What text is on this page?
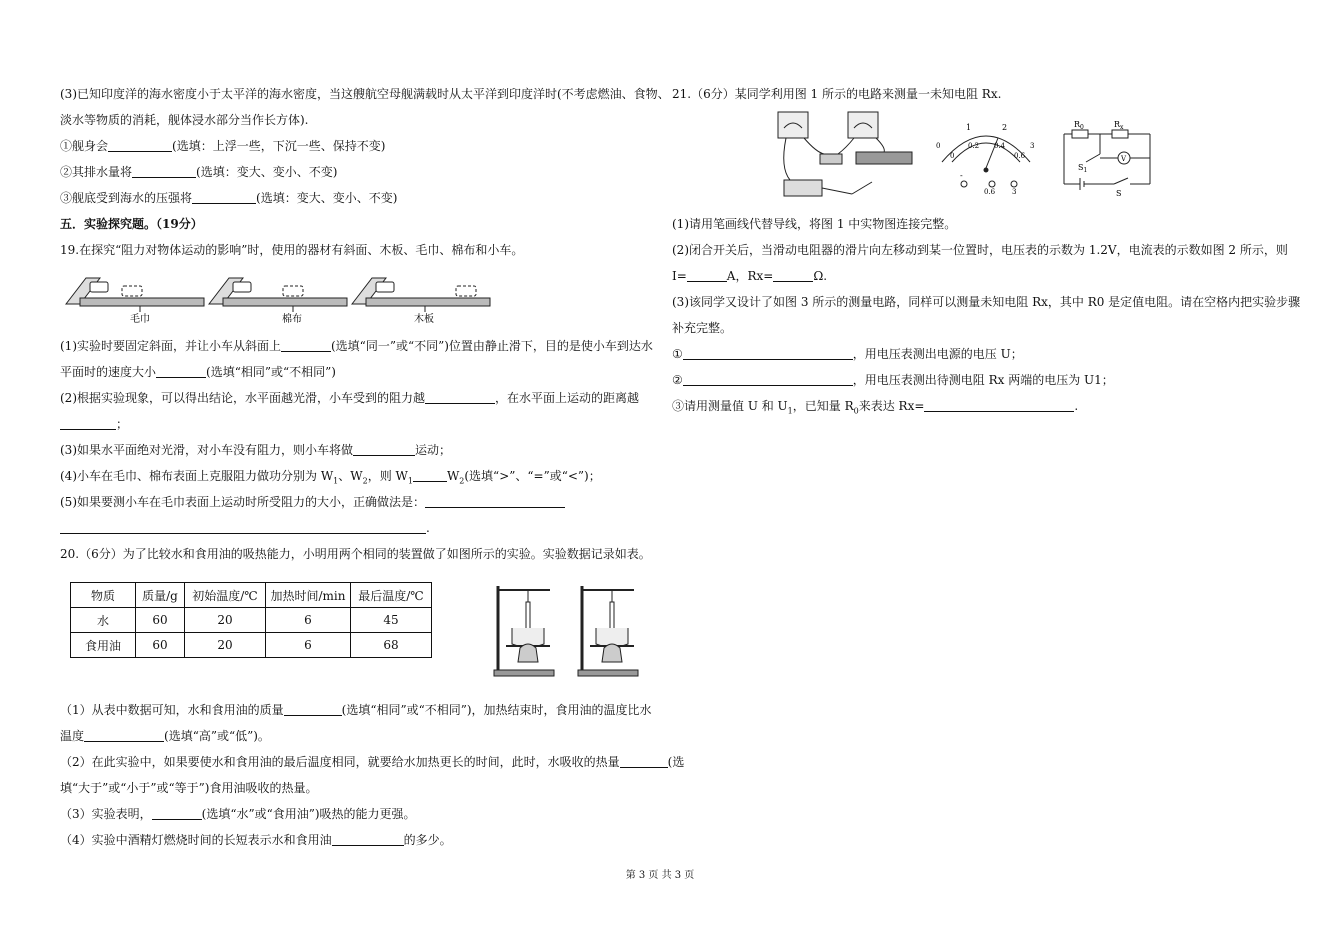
(3)已知印度洋的海水密度小于太平洋的海水密度，当这艘航空母舰满载时从太平洋到印度洋时(不考虑燃油、食物、
淡水等物质的消耗，舰体浸水部分当作长方体).
①舰身会	(选填：上浮一些，下沉一些、保持不变)
②其排水量将	(选填：变大、变小、不变)
③舰底受到海水的压强将	(选填：变大、变小、不变)
五．实验探究题。（19分）
19.在探究“阻力对物体运动的影响”时，使用的器材有斜面、木板、毛巾、棉布和小车。
毛巾	棉布	木板
(1)实验时要固定斜面，并让小车从斜面上	(选填“同一”或“不同”)位置由静止滑下，目的是使小车到达水
平面时的速度大小	(选填“相同”或“不相同”)
(2)根据实验现象，可以得出结论，水平面越光滑，小车受到的阻力越	，在水平面上运动的距离越
；
(3)如果水平面绝对光滑，对小车没有阻力，则小车将做	运动；
(4)小车在毛巾、棉布表面上克服阻力做功分别为 $W_1$、$W_2$，则 $W_1$	$W_2$(选填“>”、“=”或“<”)；
(5)如果要测小车在毛巾表面上运动时所受阻力的大小，正确做法是：
.
20.（6分）为了比较水和食用油的吸热能力，小明用两个相同的装置做了如图所示的实验。实验数据记录如表。
物质	质量/g	初始温度/℃	加热时间/min	最后温度/℃
水	60	20	6	45
食用油	60	20	6	68
（1）从表中数据可知，水和食用油的质量	(选填“相同”或“不相同”)，加热结束时，食用油的温度比水
温度	(选填“高”或“低”)。
（2）在此实验中，如果要使水和食用油的最后温度相同，就要给水加热更长的时间，此时，水吸收的热量	(选
填“大于”或“小于”或“等于”)食用油吸收的热量。
（3）实验表明，	(选填“水”或“食用油”)吸热的能力更强。
（4）实验中酒精灯燃烧时间的长短表示水和食用油	的多少。
21.（6分）某同学利用图 1 所示的电路来测量一未知电阻 Rx.
1	2
0
0.2 0.4
0.6
0	3
-
0.6 3
$R_0$	$R_x$
$S_1$
V
S
(1)请用笔画线代替导线，将图 1 中实物图连接完整。
(2)闭合开关后，当滑动电阻器的滑片向左移动到某一位置时，电压表的示数为 1.2V，电流表的示数如图 2 所示，则
I=	A，Rx=	Ω.
(3)该同学又设计了如图 3 所示的测量电路，同样可以测量未知电阻 Rx，其中 R0 是定值电阻。请在空格内把实验步骤
补充完整。
①	，用电压表测出电源的电压 U；
②	，用电压表测出待测电阻 Rx 两端的电压为 U1；
③请用测量值 U 和 $U_1$，已知量 $R_0$来表达 Rx=	.
第 3 页 共 3 页
